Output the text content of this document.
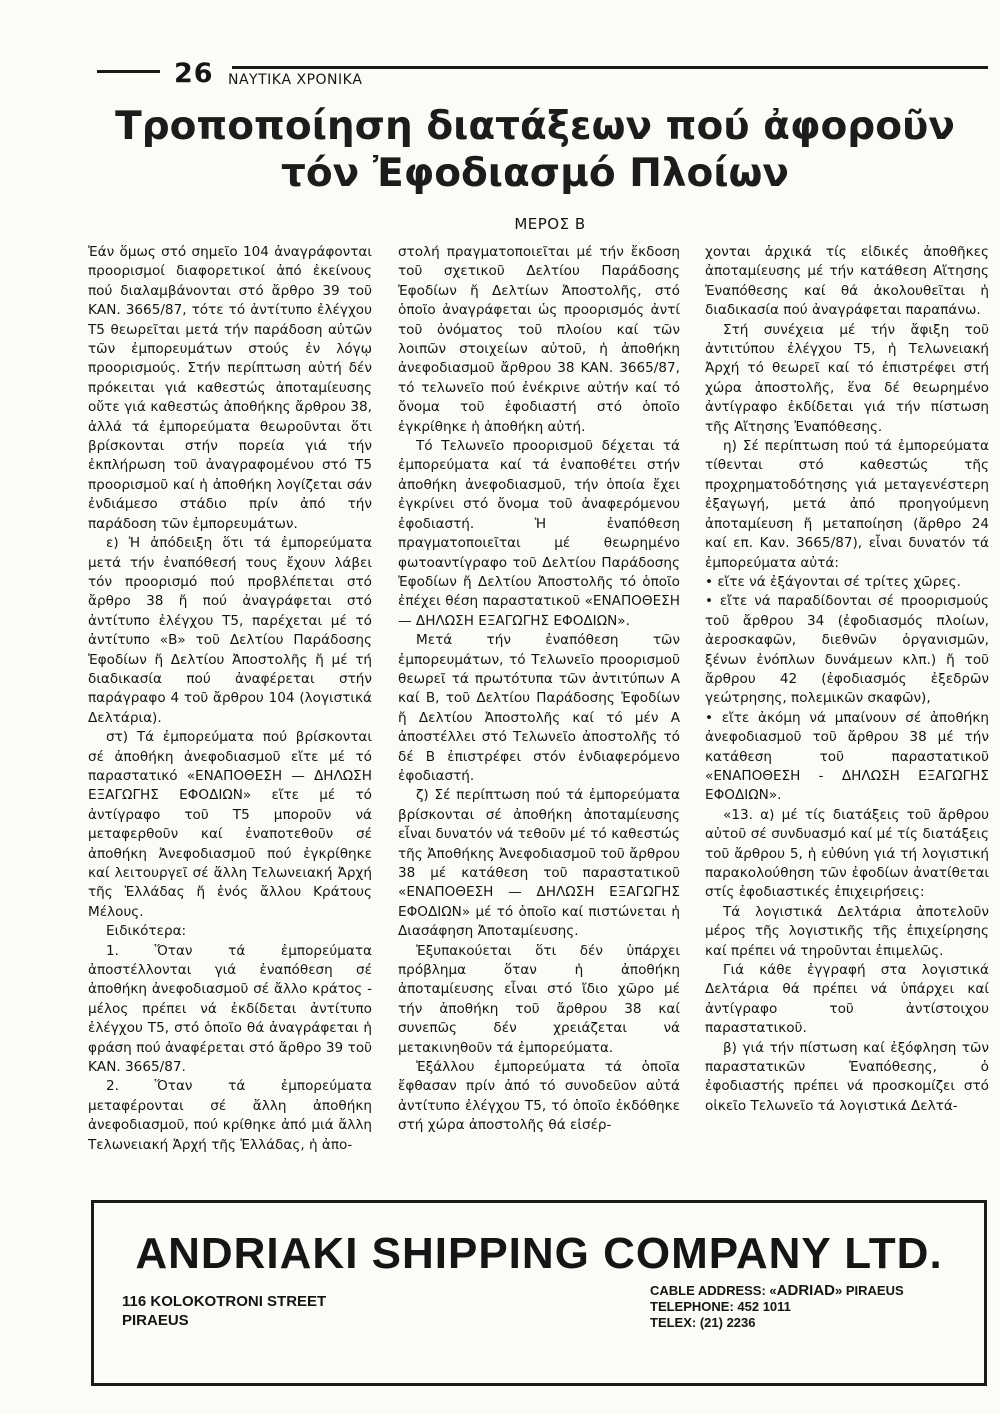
26 ΝΑΥΤΙΚΑ ΧΡΟΝΙΚΑ
Τροποποίηση διατάξεων πού ἀφοροῦν
τόν Ἐφοδιασμό Πλοίων
ΜΕΡΟΣ Β

Ἐάν ὅμως στό σημεῖο 104 ἀναγράφονται προορισμοί διαφορετικοί ἀπό ἐκείνους πού διαλαμβάνονται στό ἄρθρο 39 τοῦ ΚΑΝ. 3665/87, τότε τό ἀντίτυπο ἐλέγχου Τ5 θεωρεῖται μετά τήν παράδοση αὐτῶν τῶν ἐμπορευμάτων στούς ἐν λόγῳ προορισμούς. Στήν περίπτωση αὐτή δέν πρόκειται γιά καθεστώς ἀποταμίευσης οὔτε γιά καθεστώς ἀποθήκης ἄρθρου 38, ἀλλά τά ἐμπορεύματα θεωροῦνται ὅτι βρίσκονται στήν πορεία γιά τήν ἐκπλήρωση τοῦ ἀναγραφομένου στό Τ5 προορισμοῦ καί ἡ ἀποθήκη λογίζεται σάν ἐνδιάμεσο στάδιο πρίν ἀπό τήν παράδοση τῶν ἐμπορευμάτων.

ε) Ἡ ἀπόδειξη ὅτι τά ἐμπορεύματα μετά τήν ἐναπόθεσή τους ἔχουν λάβει τόν προορισμό πού προβλέπεται στό ἄρθρο 38 ἤ πού ἀναγράφεται στό ἀντίτυπο ἐλέγχου Τ5, παρέχεται μέ τό ἀντίτυπο «Β» τοῦ Δελτίου Παράδοσης Ἐφοδίων ἤ Δελτίου Ἀποστολῆς ἤ μέ τή διαδικασία πού ἀναφέρεται στήν παράγραφο 4 τοῦ ἄρθρου 104 (λογιστικά Δελτάρια).

στ) Τά ἐμπορεύματα πού βρίσκονται σέ ἀποθήκη ἀνεφοδιασμοῦ εἴτε μέ τό παραστατικό «ΕΝΑΠΟΘΕΣΗ — ΔΗΛΩΣΗ ΕΞΑΓΩΓΗΣ ΕΦΟΔΙΩΝ» εἴτε μέ τό ἀντίγραφο τοῦ Τ5 μποροῦν νά μεταφερθοῦν καί ἐναποτεθοῦν σέ ἀποθήκη Ἀνεφοδιασμοῦ πού ἐγκρίθηκε καί λειτουργεῖ σέ ἄλλη Τελωνειακή Ἀρχή τῆς Ἑλλάδας ἤ ἑνός ἄλλου Κράτους Μέλους.

Ειδικότερα:

1. Ὅταν τά ἐμπορεύματα ἀποστέλλονται γιά ἐναπόθεση σέ ἀποθήκη ἀνεφοδιασμοῦ σέ ἄλλο κράτος - μέλος πρέπει νά ἐκδίδεται ἀντίτυπο ἐλέγχου Τ5, στό ὁποῖο θά ἀναγράφεται ἡ φράση πού ἀναφέρεται στό ἄρθρο 39 τοῦ ΚΑΝ. 3665/87.

2. Ὅταν τά ἐμπορεύματα μεταφέρονται σέ ἄλλη ἀποθήκη ἀνεφοδιασμοῦ, πού κρίθηκε ἀπό μιά ἄλλη Τελωνειακή Ἀρχή τῆς Ἑλλάδας, ἡ ἀπο-

στολή πραγματοποιεῖται μέ τήν ἔκδοση τοῦ σχετικοῦ Δελτίου Παράδοσης Ἐφοδίων ἤ Δελτίων Ἀποστολῆς, στό ὁποῖο ἀναγράφεται ὡς προορισμός ἀντί τοῦ ὀνόματος τοῦ πλοίου καί τῶν λοιπῶν στοιχείων αὐτοῦ, ἡ ἀποθήκη ἀνεφοδιασμοῦ ἄρθρου 38 ΚΑΝ. 3665/87, τό τελωνεῖο πού ἐνέκρινε αὐτήν καί τό ὄνομα τοῦ ἐφοδιαστή στό ὁποῖο ἐγκρίθηκε ἡ ἀποθήκη αὐτή.

Τό Τελωνεῖο προορισμοῦ δέχεται τά ἐμπορεύματα καί τά ἐναποθέτει στήν ἀποθήκη ἀνεφοδιασμοῦ, τήν ὁποία ἔχει ἐγκρίνει στό ὄνομα τοῦ ἀναφερόμενου ἐφοδιαστή. Ἡ ἐναπόθεση πραγματοποιεῖται μέ θεωρημένο φωτοαντίγραφο τοῦ Δελτίου Παράδοσης Ἐφοδίων ἤ Δελτίου Ἀποστολῆς τό ὁποῖο ἐπέχει θέση παραστατικοῦ «ΕΝΑΠΟΘΕΣΗ — ΔΗΛΩΣΗ ΕΞΑΓΩΓΗΣ ΕΦΟΔΙΩΝ».

Μετά τήν ἐναπόθεση τῶν ἐμπορευμάτων, τό Τελωνεῖο προορισμοῦ θεωρεῖ τά πρωτότυπα τῶν ἀντιτύπων Α καί Β, τοῦ Δελτίου Παράδοσης Ἐφοδίων ἤ Δελτίου Ἀποστολῆς καί τό μέν Α ἀποστέλλει στό Τελωνεῖο ἀποστολῆς τό δέ Β ἐπιστρέφει στόν ἐνδιαφερόμενο ἐφοδιαστή.

ζ) Σέ περίπτωση πού τά ἐμπορεύματα βρίσκονται σέ ἀποθήκη ἀποταμίευσης εἶναι δυνατόν νά τεθοῦν μέ τό καθεστώς τῆς Ἀποθήκης Ἀνεφοδιασμοῦ τοῦ ἄρθρου 38 μέ κατάθεση τοῦ παραστατικοῦ «ΕΝΑΠΟΘΕΣΗ — ΔΗΛΩΣΗ ΕΞΑΓΩΓΗΣ ΕΦΟΔΙΩΝ» μέ τό ὁποῖο καί πιστώνεται ἡ Διασάφηση Ἀποταμίευσης.

Ἐξυπακούεται ὅτι δέν ὑπάρχει πρόβλημα ὅταν ἡ ἀποθήκη ἀποταμίευσης εἶναι στό ἴδιο χῶρο μέ τήν ἀποθήκη τοῦ ἄρθρου 38 καί συνεπῶς δέν χρειάζεται νά μετακινηθοῦν τά ἐμπορεύματα.

Ἐξάλλου ἐμπορεύματα τά ὁποῖα ἔφθασαν πρίν ἀπό τό συνοδεῦον αὐτά ἀντίτυπο ἐλέγχου Τ5, τό ὁποῖο ἐκδόθηκε στή χώρα ἀποστολῆς θά εἰσέρ-

χονται ἀρχικά τίς εἰδικές ἀποθῆκες ἀποταμίευσης μέ τήν κατάθεση Αἴτησης Ἐναπόθεσης καί θά ἀκολουθεῖται ἡ διαδικασία πού ἀναγράφεται παραπάνω.

Στή συνέχεια μέ τήν ἄφιξη τοῦ ἀντιτύπου ἐλέγχου Τ5, ἡ Τελωνειακή Ἀρχή τό θεωρεῖ καί τό ἐπιστρέφει στή χώρα ἀποστολῆς, ἕνα δέ θεωρημένο ἀντίγραφο ἐκδίδεται γιά τήν πίστωση τῆς Αἴτησης Ἐναπόθεσης.

η) Σέ περίπτωση πού τά ἐμπορεύματα τίθενται στό καθεστώς τῆς προχρηματοδότησης γιά μεταγενέστερη ἐξαγωγή, μετά ἀπό προηγούμενη ἀποταμίευση ἤ μεταποίηση (ἄρθρο 24 καί επ. Καν. 3665/87), εἶναι δυνατόν τά ἐμπορεύματα αὐτά:

• εἴτε νά ἐξάγονται σέ τρίτες χῶρες.

• εἴτε νά παραδίδονται σέ προορισμούς τοῦ ἄρθρου 34 (ἐφοδιασμός πλοίων, ἀεροσκαφῶν, διεθνῶν ὀργανισμῶν, ξένων ἐνόπλων δυνάμεων κλπ.) ἤ τοῦ ἄρθρου 42 (ἐφοδιασμός ἐξεδρῶν γεώτρησης, πολεμικῶν σκαφῶν),

• εἴτε ἀκόμη νά μπαίνουν σέ ἀποθήκη ἀνεφοδιασμοῦ τοῦ ἄρθρου 38 μέ τήν κατάθεση τοῦ παραστατικοῦ «ΕΝΑΠΟΘΕΣΗ - ΔΗΛΩΣΗ ΕΞΑΓΩΓΗΣ ΕΦΟΔΙΩΝ».

«13. α) μέ τίς διατάξεις τοῦ ἄρθρου αὐτοῦ σέ συνδυασμό καί μέ τίς διατάξεις τοῦ ἄρθρου 5, ἡ εὐθύνη γιά τή λογιστική παρακολούθηση τῶν ἐφοδίων ἀνατίθεται στίς ἐφοδιαστικές ἐπιχειρήσεις:

Τά λογιστικά Δελτάρια ἀποτελοῦν μέρος τῆς λογιστικῆς τῆς ἐπιχείρησης καί πρέπει νά τηροῦνται ἐπιμελῶς.

Γιά κάθε ἐγγραφή στα λογιστικά Δελτάρια θά πρέπει νά ὑπάρχει καί ἀντίγραφο τοῦ ἀντίστοιχου παραστατικοῦ.

β) γιά τήν πίστωση καί ἐξόφληση τῶν παραστατικῶν Ἐναπόθεσης, ὁ ἐφοδιαστής πρέπει νά προσκομίζει στό οἰκεῖο Τελωνεῖο τά λογιστικά Δελτά-

ANDRIAKI SHIPPING COMPANY LTD.
116 KOLOKOTRONI STREET
PIRAEUS
CABLE ADDRESS: «ADRIAD» PIRAEUS
TELEPHONE: 452 1011
TELEX: (21) 2236
